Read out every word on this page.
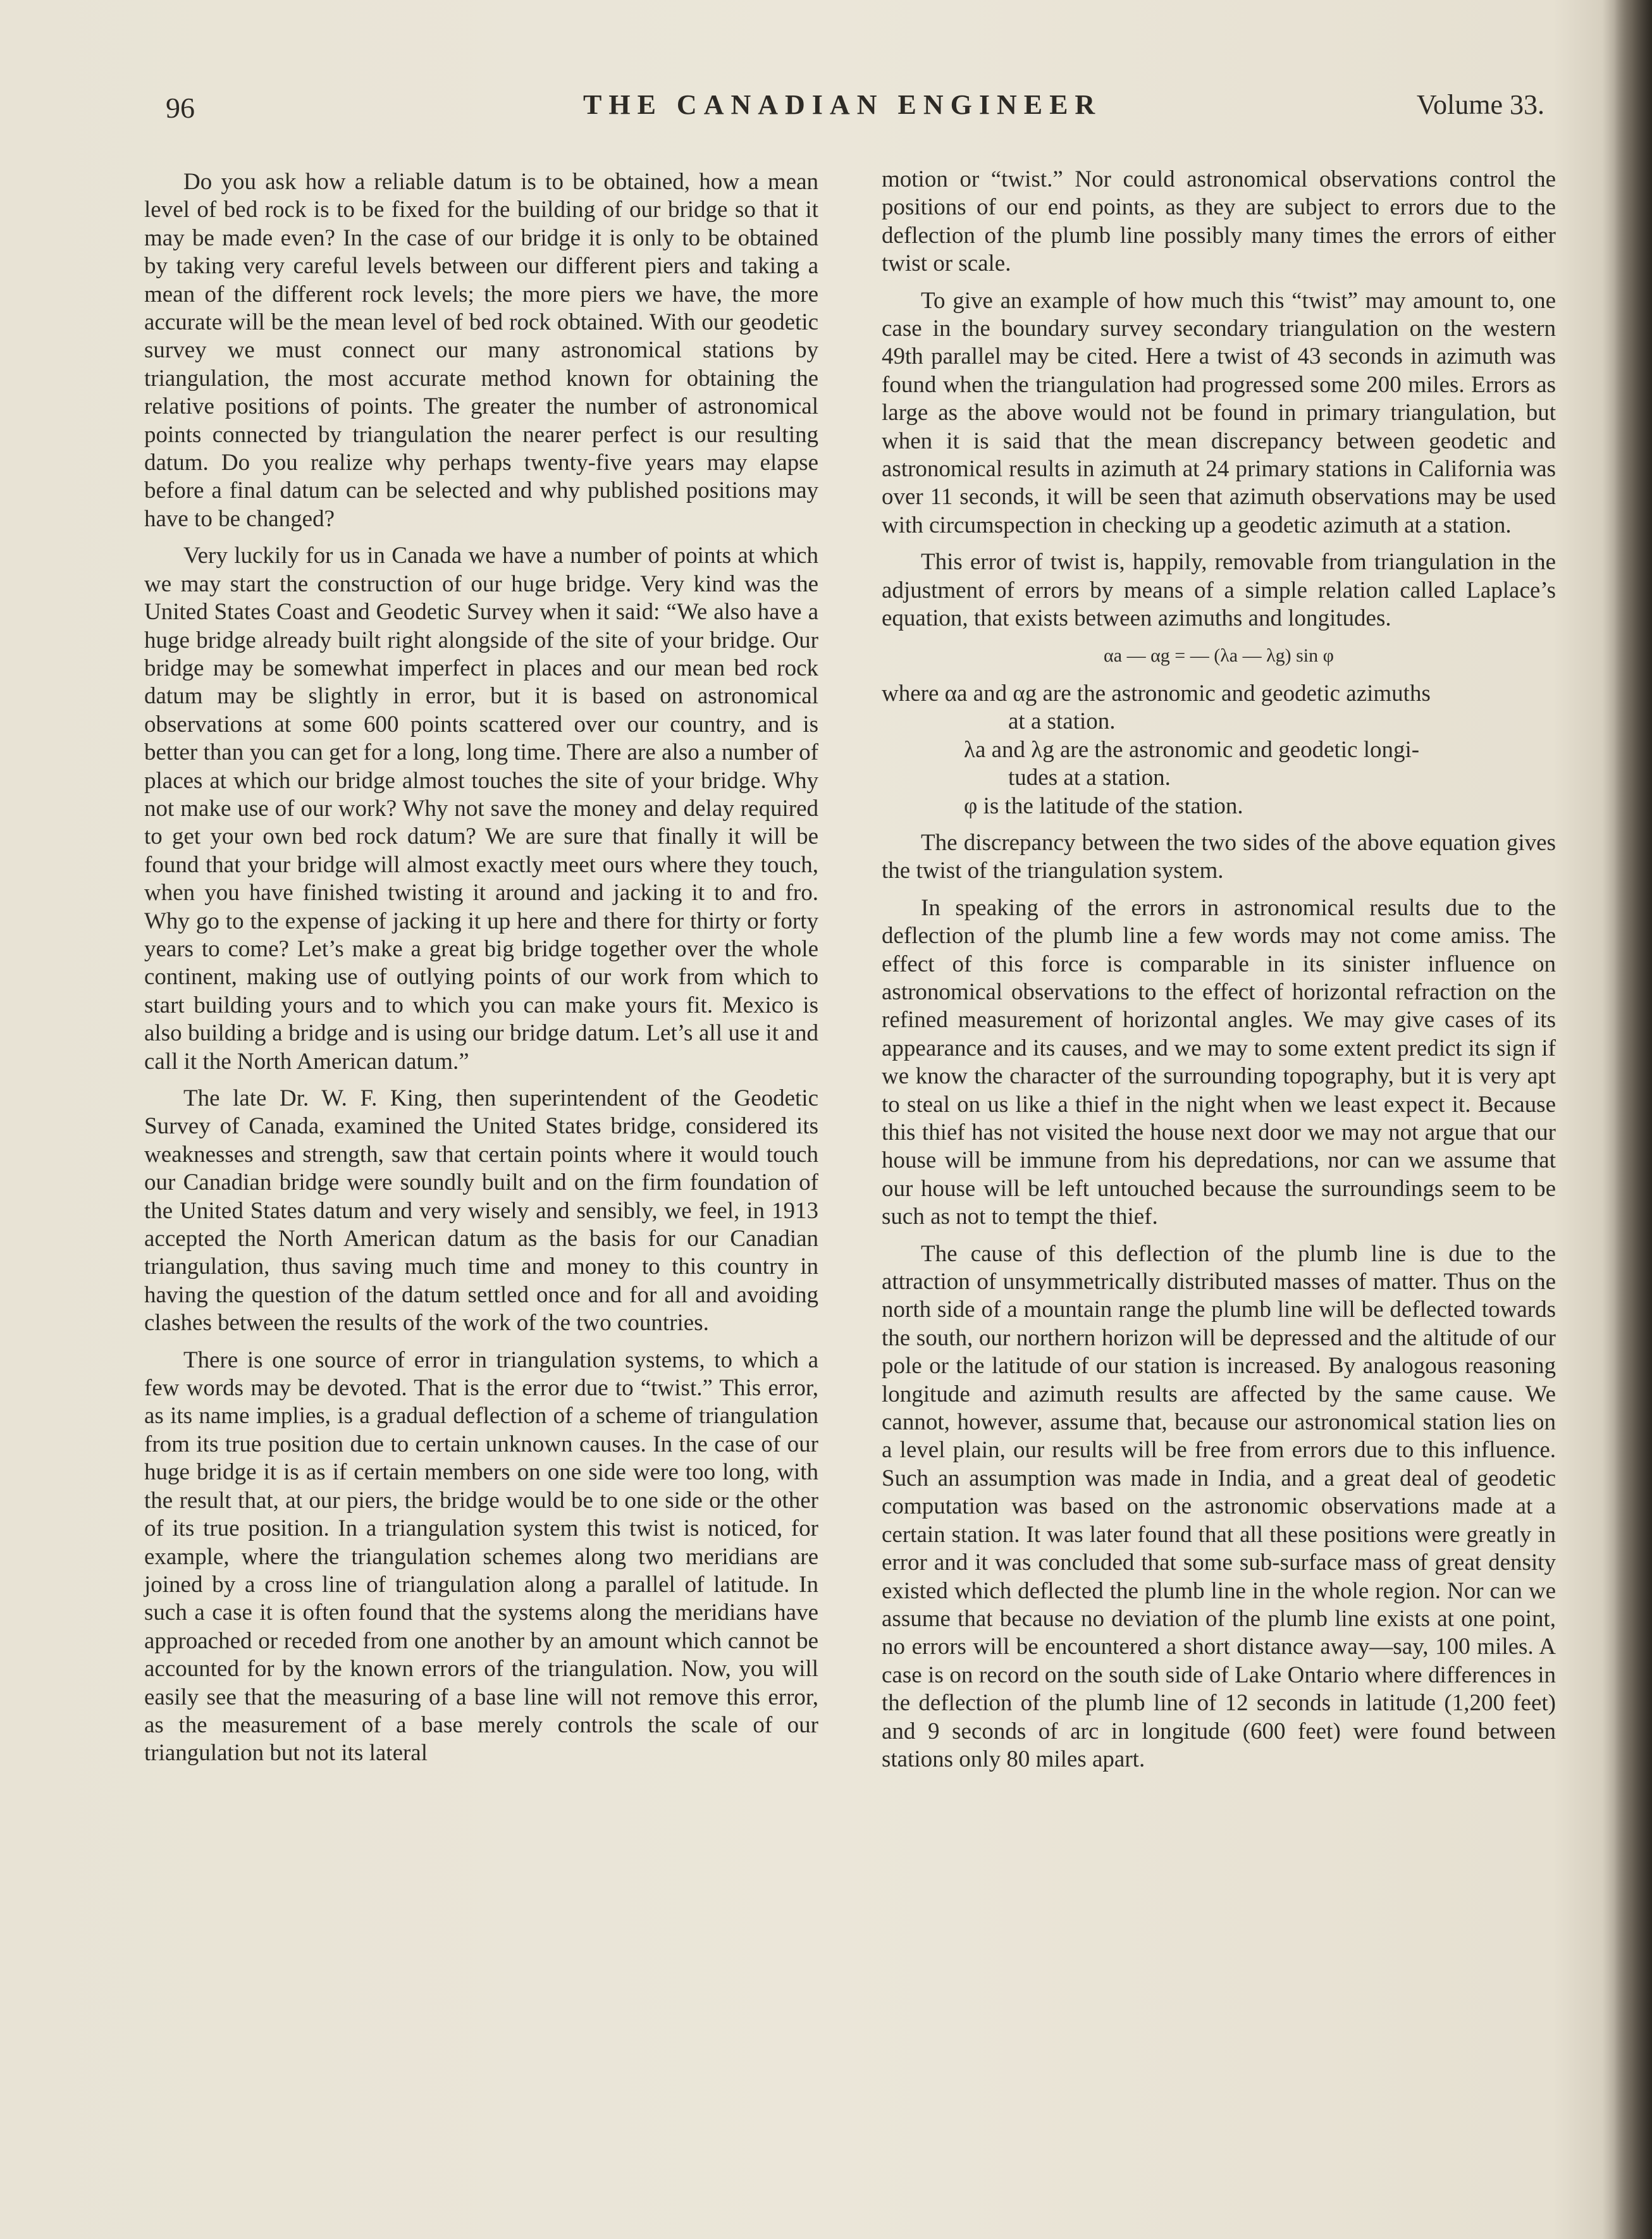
96	THE CANADIAN ENGINEER	Volume 33.

Do you ask how a reliable datum is to be obtained, how a mean level of bed rock is to be fixed for the building of our bridge so that it may be made even? In the case of our bridge it is only to be obtained by taking very careful levels between our different piers and taking a mean of the different rock levels; the more piers we have, the more accurate will be the mean level of bed rock obtained. With our geodetic survey we must connect our many astronomical stations by triangulation, the most accurate method known for obtaining the relative positions of points. The greater the number of astronomical points connected by triangulation the nearer perfect is our resulting datum. Do you realize why perhaps twenty-five years may elapse before a final datum can be selected and why published positions may have to be changed?

Very luckily for us in Canada we have a number of points at which we may start the construction of our huge bridge. Very kind was the United States Coast and Geodetic Survey when it said: “We also have a huge bridge already built right alongside of the site of your bridge. Our bridge may be somewhat imperfect in places and our mean bed rock datum may be slightly in error, but it is based on astronomical observations at some 600 points scattered over our country, and is better than you can get for a long, long time. There are also a number of places at which our bridge almost touches the site of your bridge. Why not make use of our work? Why not save the money and delay required to get your own bed rock datum? We are sure that finally it will be found that your bridge will almost exactly meet ours where they touch, when you have finished twisting it around and jacking it to and fro. Why go to the expense of jacking it up here and there for thirty or forty years to come? Let’s make a great big bridge together over the whole continent, making use of outlying points of our work from which to start building yours and to which you can make yours fit. Mexico is also building a bridge and is using our bridge datum. Let’s all use it and call it the North American datum.”

The late Dr. W. F. King, then superintendent of the Geodetic Survey of Canada, examined the United States bridge, considered its weaknesses and strength, saw that certain points where it would touch our Canadian bridge were soundly built and on the firm foundation of the United States datum and very wisely and sensibly, we feel, in 1913 accepted the North American datum as the basis for our Canadian triangulation, thus saving much time and money to this country in having the question of the datum settled once and for all and avoiding clashes between the results of the work of the two countries.

There is one source of error in triangulation systems, to which a few words may be devoted. That is the error due to “twist.” This error, as its name implies, is a gradual deflection of a scheme of triangulation from its true position due to certain unknown causes. In the case of our huge bridge it is as if certain members on one side were too long, with the result that, at our piers, the bridge would be to one side or the other of its true position. In a triangulation system this twist is noticed, for example, where the triangulation schemes along two meridians are joined by a cross line of triangulation along a parallel of latitude. In such a case it is often found that the systems along the meridians have approached or receded from one another by an amount which cannot be accounted for by the known errors of the triangulation. Now, you will easily see that the measuring of a base line will not remove this error, as the measurement of a base merely controls the scale of our triangulation but not its lateral

motion or “twist.” Nor could astronomical observations control the positions of our end points, as they are subject to errors due to the deflection of the plumb line possibly many times the errors of either twist or scale.

To give an example of how much this “twist” may amount to, one case in the boundary survey secondary triangulation on the western 49th parallel may be cited. Here a twist of 43 seconds in azimuth was found when the triangulation had progressed some 200 miles. Errors as large as the above would not be found in primary triangulation, but when it is said that the mean discrepancy between geodetic and astronomical results in azimuth at 24 primary stations in California was over 11 seconds, it will be seen that azimuth observations may be used with circumspection in checking up a geodetic azimuth at a station.

This error of twist is, happily, removable from triangulation in the adjustment of errors by means of a simple relation called Laplace’s equation, that exists between azimuths and longitudes.

αa — αg = — (λa — λg) sin φ
where αa and αg are the astronomic and geodetic azimuths
at a station.
λa and λg are the astronomic and geodetic longi-
tudes at a station.
φ is the latitude of the station.

The discrepancy between the two sides of the above equation gives the twist of the triangulation system.

In speaking of the errors in astronomical results due to the deflection of the plumb line a few words may not come amiss. The effect of this force is comparable in its sinister influence on astronomical observations to the effect of horizontal refraction on the refined measurement of horizontal angles. We may give cases of its appearance and its causes, and we may to some extent predict its sign if we know the character of the surrounding topography, but it is very apt to steal on us like a thief in the night when we least expect it. Because this thief has not visited the house next door we may not argue that our house will be immune from his depredations, nor can we assume that our house will be left untouched because the surroundings seem to be such as not to tempt the thief.

The cause of this deflection of the plumb line is due to the attraction of unsymmetrically distributed masses of matter. Thus on the north side of a mountain range the plumb line will be deflected towards the south, our northern horizon will be depressed and the altitude of our pole or the latitude of our station is increased. By analogous reasoning longitude and azimuth results are affected by the same cause. We cannot, however, assume that, because our astronomical station lies on a level plain, our results will be free from errors due to this influence. Such an assumption was made in India, and a great deal of geodetic computation was based on the astronomic observations made at a certain station. It was later found that all these positions were greatly in error and it was concluded that some sub-surface mass of great density existed which deflected the plumb line in the whole region. Nor can we assume that because no deviation of the plumb line exists at one point, no errors will be encountered a short distance away—say, 100 miles. A case is on record on the south side of Lake Ontario where differences in the deflection of the plumb line of 12 seconds in latitude (1,200 feet) and 9 seconds of arc in longitude (600 feet) were found between stations only 80 miles apart.
